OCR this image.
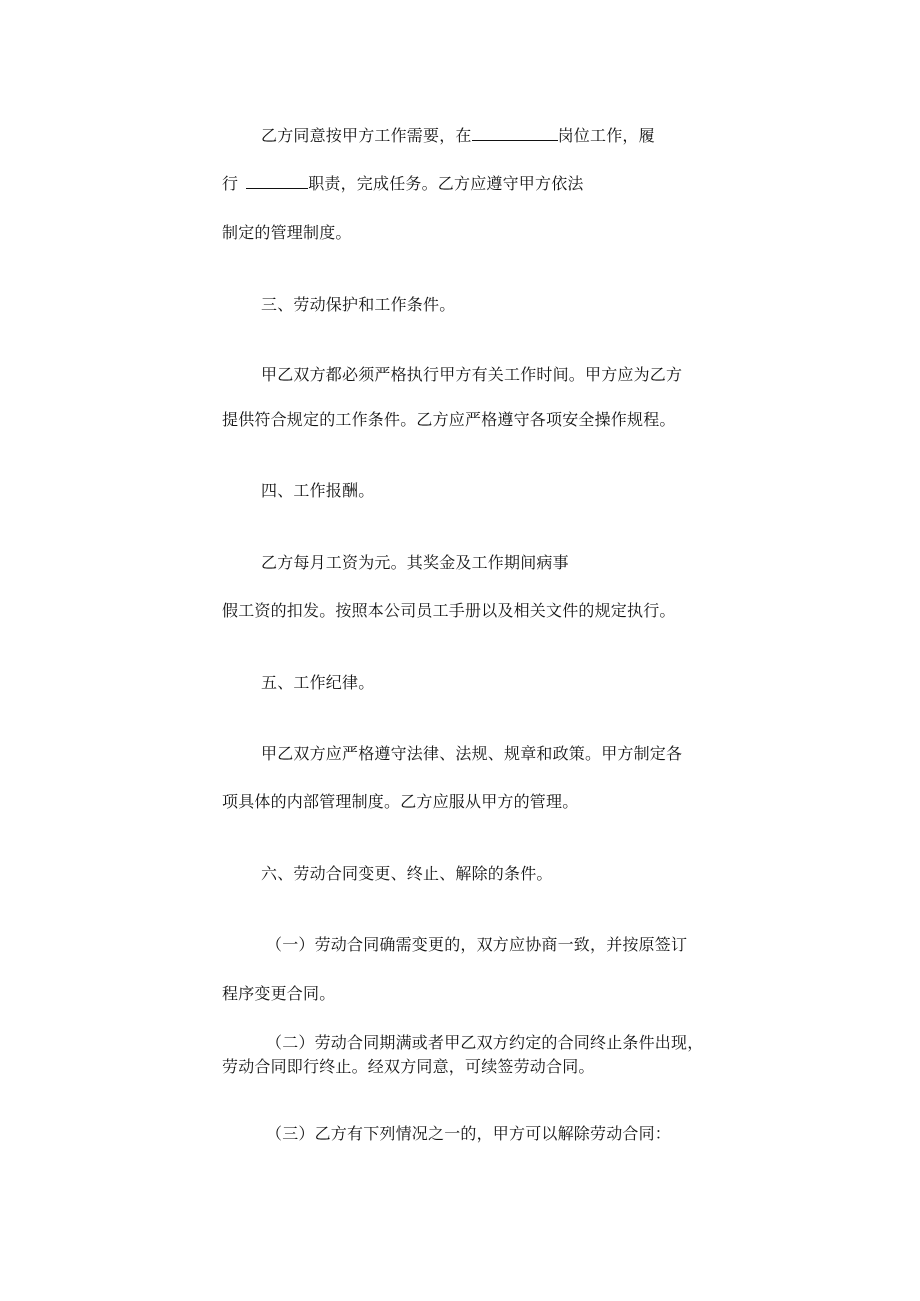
乙方同意按甲方工作需要，在	岗位工作，履
行	职责，完成任务。乙方应遵守甲方依法
制定的管理制度。
三、劳动保护和工作条件。
甲乙双方都必须严格执行甲方有关工作时间。甲方应为乙方
提供符合规定的工作条件。乙方应严格遵守各项安全操作规程。
四、工作报酬。
乙方每月工资为元。其奖金及工作期间病事
假工资的扣发。按照本公司员工手册以及相关文件的规定执行。
五、工作纪律。
甲乙双方应严格遵守法律、法规、规章和政策。甲方制定各
项具体的内部管理制度。乙方应服从甲方的管理。
六、劳动合同变更、终止、解除的条件。
（一）劳动合同确需变更的，双方应协商一致，并按原签订
程序变更合同。
（二）劳动合同期满或者甲乙双方约定的合同终止条件出现，
劳动合同即行终止。经双方同意，可续签劳动合同。
（三）乙方有下列情况之一的，甲方可以解除劳动合同：
